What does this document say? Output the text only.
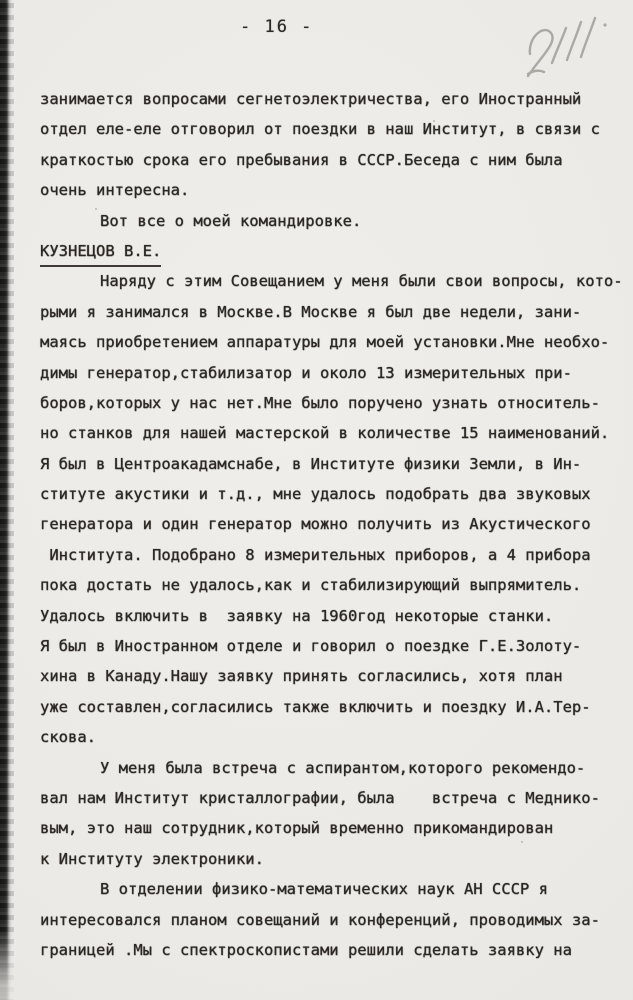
- 16 -
занимается вопросами сегнетоэлектричества, его Иностранный
отдел еле-еле отговорил от поездки в наш Институт, в связи с
краткостью срока его пребывания в СССР.Беседа с ним была
очень интересна.
Вот все о моей командировке.
КУЗНЕЦОВ В.Е.
Наряду с этим Совещанием у меня были свои вопросы, кото-
рыми я занимался в Москве.В Москве я был две недели, зани-
маясь приобретением аппаратуры для моей установки.Мне необхо-
димы генератор,стабилизатор и около 13 измерительных при-
боров,которых у нас нет.Мне было поручено узнать относитель-
но станков для нашей мастерской в количестве 15 наименований.
Я был в Центроакадамснабе, в Институте физики Земли, в Ин-
ституте акустики и т.д., мне удалось подобрать два звуковых
генератора и один генератор можно получить из Акустического
Института. Подобрано 8 измерительных приборов, а 4 прибора
пока достать не удалось,как и стабилизирующий выпрямитель.
Удалось включить в  заявку на 1960год некоторые станки.
Я был в Иностранном отделе и говорил о поездке Г.Е.Золоту-
хина в Канаду.Нашу заявку принять согласились, хотя план
уже составлен,согласились также включить и поездку И.А.Тер-
скова.
У меня была встреча с аспирантом,которого рекомендо-
вал нам Институт кристаллографии, была    встреча с Меднико-
вым, это наш сотрудник,который временно прикомандирован
к Институту электроники.
В отделении физико-математических наук АН СССР я
интересовался планом совещаний и конференций, проводимых за-
границей .Мы с спектроскопистами решили сделать заявку на
